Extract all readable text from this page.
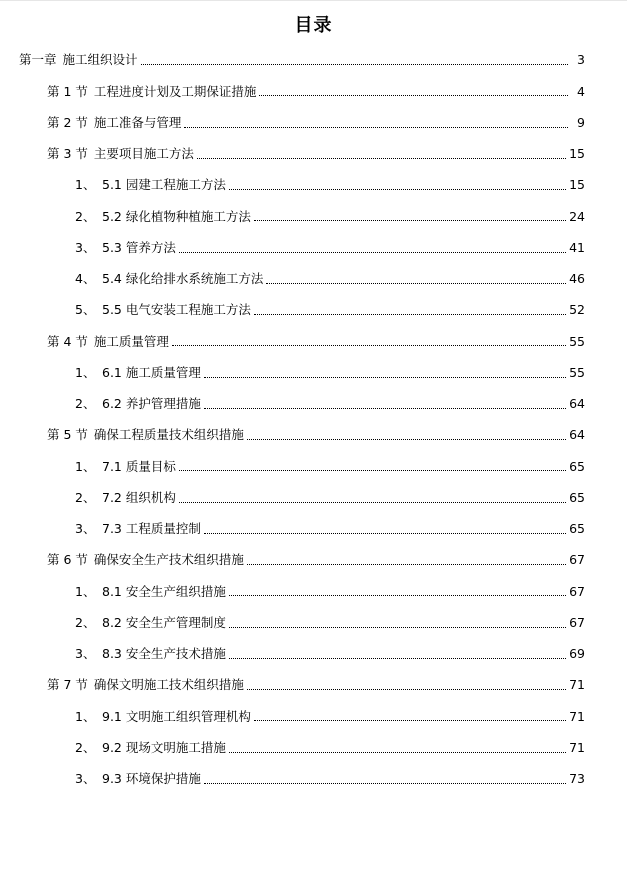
目录
第一章 施工组织设计	3
第 1 节 工程进度计划及工期保证措施	4
第 2 节 施工准备与管理	9
第 3 节 主要项目施工方法	15
1、 5.1 园建工程施工方法	15
2、 5.2 绿化植物种植施工方法	24
3、 5.3 管养方法	41
4、 5.4 绿化给排水系统施工方法	46
5、 5.5 电气安装工程施工方法	52
第 4 节 施工质量管理	55
1、 6.1 施工质量管理	55
2、 6.2 养护管理措施	64
第 5 节 确保工程质量技术组织措施	64
1、 7.1 质量目标	65
2、 7.2 组织机构	65
3、 7.3 工程质量控制	65
第 6 节 确保安全生产技术组织措施	67
1、 8.1 安全生产组织措施	67
2、 8.2 安全生产管理制度	67
3、 8.3 安全生产技术措施	69
第 7 节 确保文明施工技术组织措施	71
1、 9.1 文明施工组织管理机构	71
2、 9.2 现场文明施工措施	71
3、 9.3 环境保护措施	73
